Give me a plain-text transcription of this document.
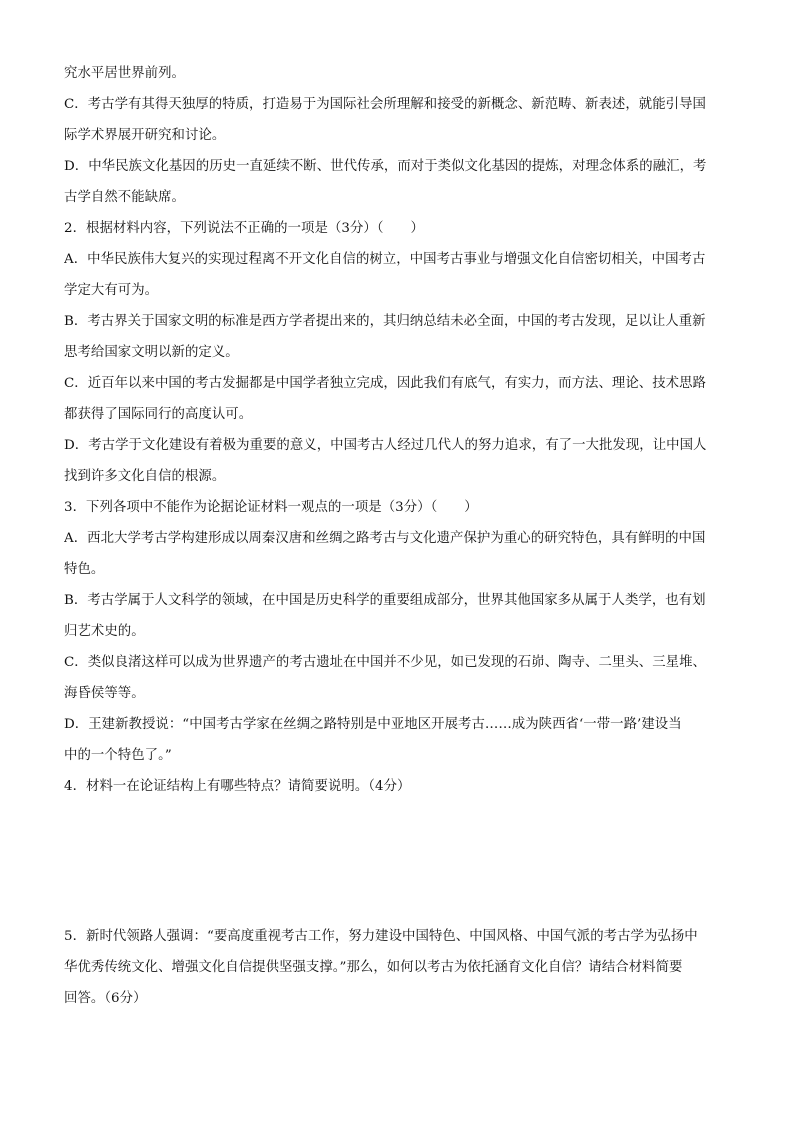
究水平居世界前列。
C．考古学有其得天独厚的特质，打造易于为国际社会所理解和接受的新概念、新范畴、新表述，就能引导国
际学术界展开研究和讨论。
D．中华民族文化基因的历史一直延续不断、世代传承，而对于类似文化基因的提炼，对理念体系的融汇，考
古学自然不能缺席。
2．根据材料内容，下列说法不正确的一项是（3分）（　　）
A．中华民族伟大复兴的实现过程离不开文化自信的树立，中国考古事业与增强文化自信密切相关，中国考古
学定大有可为。
B．考古界关于国家文明的标准是西方学者提出来的，其归纳总结未必全面，中国的考古发现，足以让人重新
思考给国家文明以新的定义。
C．近百年以来中国的考古发掘都是中国学者独立完成，因此我们有底气，有实力，而方法、理论、技术思路
都获得了国际同行的高度认可。
D．考古学于文化建设有着极为重要的意义，中国考古人经过几代人的努力追求，有了一大批发现，让中国人
找到许多文化自信的根源。
3．下列各项中不能作为论据论证材料一观点的一项是（3分）（　　）
A．西北大学考古学构建形成以周秦汉唐和丝绸之路考古与文化遗产保护为重心的研究特色，具有鲜明的中国
特色。
B．考古学属于人文科学的领域，在中国是历史科学的重要组成部分，世界其他国家多从属于人类学，也有划
归艺术史的。
C．类似良渚这样可以成为世界遗产的考古遗址在中国并不少见，如已发现的石峁、陶寺、二里头、三星堆、
海昏侯等等。
D．王建新教授说：“中国考古学家在丝绸之路特别是中亚地区开展考古……成为陕西省‘一带一路’建设当
中的一个特色了。”
4．材料一在论证结构上有哪些特点？请简要说明。（4分）
5．新时代领路人强调：“要高度重视考古工作，努力建设中国特色、中国风格、中国气派的考古学为弘扬中
华优秀传统文化、增强文化自信提供坚强支撑。”那么，如何以考古为依托涵育文化自信？请结合材料简要
回答。（6分）
